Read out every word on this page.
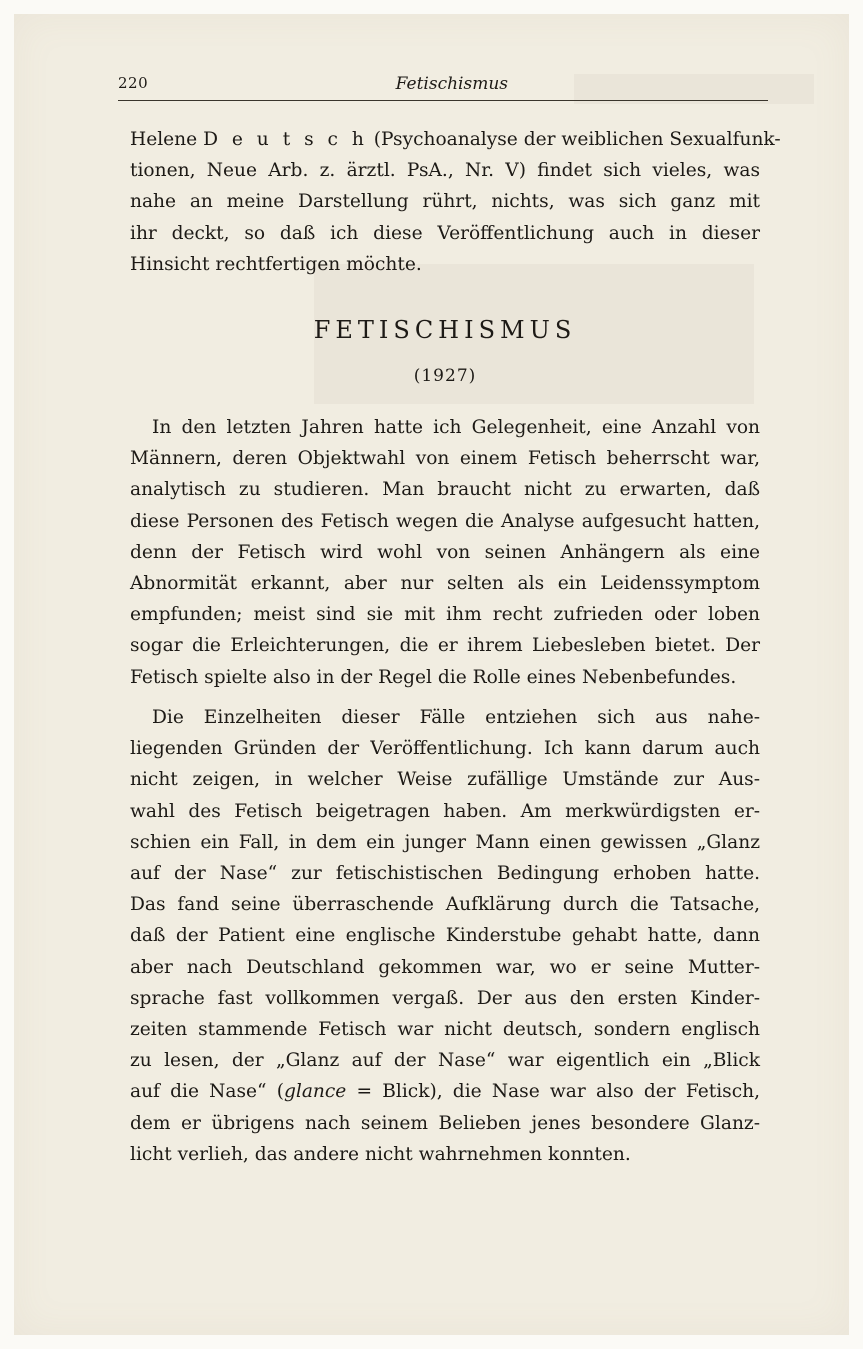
220	Fetischismus
Helene D e u t s c h (Psychoanalyse der weiblichen Sexualfunk-
tionen, Neue Arb. z. ärztl. PsA., Nr. V) findet sich vieles, was
nahe an meine Darstellung rührt, nichts, was sich ganz mit
ihr deckt, so daß ich diese Veröffentlichung auch in dieser
Hinsicht rechtfertigen möchte.
FETISCHISMUS
(1927)
In den letzten Jahren hatte ich Gelegenheit, eine Anzahl von
Männern, deren Objektwahl von einem Fetisch beherrscht war,
analytisch zu studieren. Man braucht nicht zu erwarten, daß
diese Personen des Fetisch wegen die Analyse aufgesucht hatten,
denn der Fetisch wird wohl von seinen Anhängern als eine
Abnormität erkannt, aber nur selten als ein Leidenssymptom
empfunden; meist sind sie mit ihm recht zufrieden oder loben
sogar die Erleichterungen, die er ihrem Liebesleben bietet. Der
Fetisch spielte also in der Regel die Rolle eines Nebenbefundes.
Die Einzelheiten dieser Fälle entziehen sich aus nahe-
liegenden Gründen der Veröffentlichung. Ich kann darum auch
nicht zeigen, in welcher Weise zufällige Umstände zur Aus-
wahl des Fetisch beigetragen haben. Am merkwürdigsten er-
schien ein Fall, in dem ein junger Mann einen gewissen „Glanz
auf der Nase“ zur fetischistischen Bedingung erhoben hatte.
Das fand seine überraschende Aufklärung durch die Tatsache,
daß der Patient eine englische Kinderstube gehabt hatte, dann
aber nach Deutschland gekommen war, wo er seine Mutter-
sprache fast vollkommen vergaß. Der aus den ersten Kinder-
zeiten stammende Fetisch war nicht deutsch, sondern englisch
zu lesen, der „Glanz auf der Nase“ war eigentlich ein „Blick
auf die Nase“ (glance = Blick), die Nase war also der Fetisch,
dem er übrigens nach seinem Belieben jenes besondere Glanz-
licht verlieh, das andere nicht wahrnehmen konnten.
